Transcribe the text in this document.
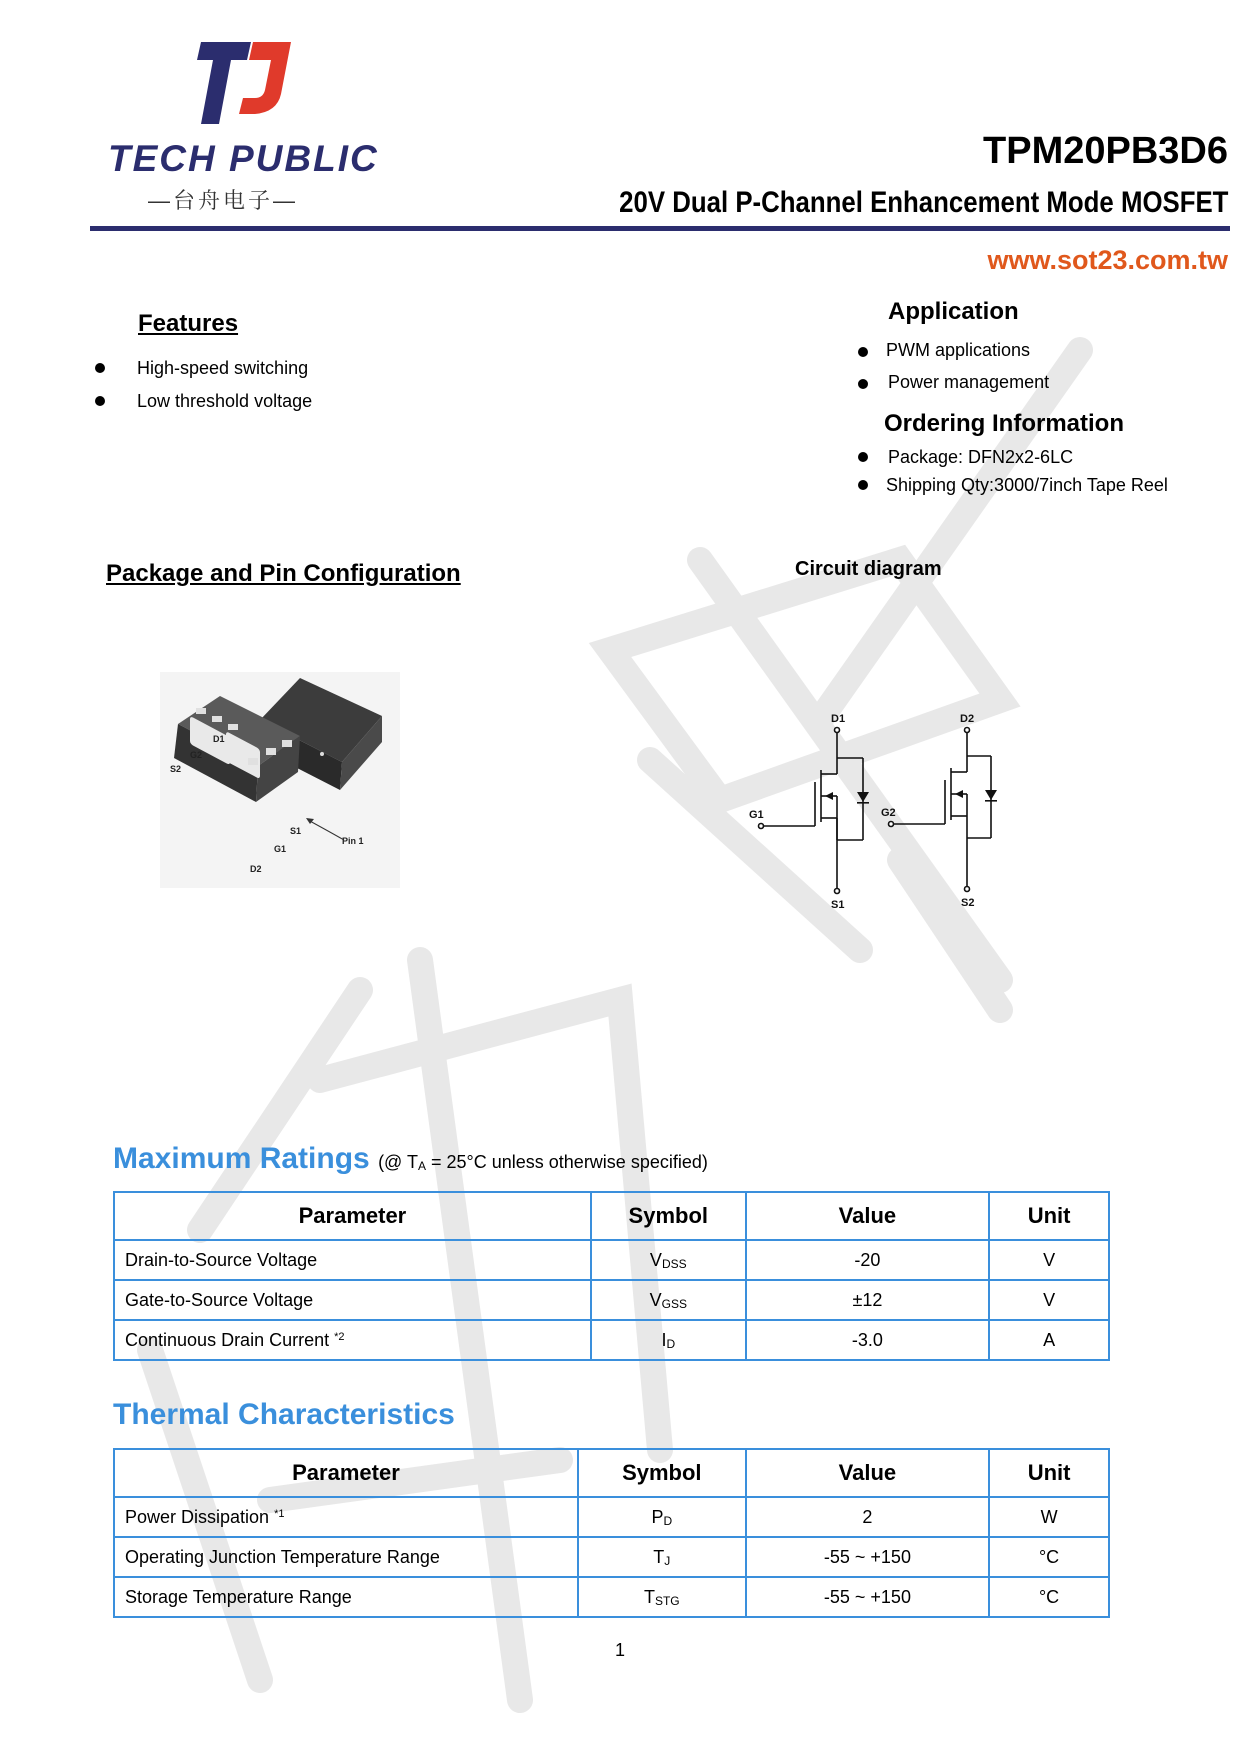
TECH PUBLIC
—台舟电子—
TPM20PB3D6
20V Dual P-Channel Enhancement Mode MOSFET
www.sot23.com.tw
Features
High-speed switching
Low threshold voltage
Application
PWM applications
Power management
Ordering Information
Package: DFN2x2-6LC
Shipping Qty:3000/7inch Tape Reel
Package and Pin Configuration
D1
G2
S2
S1
G1
D2
Pin 1
Circuit diagram
D1
G1
S1
D2
G2
S2
Maximum Ratings (@ $T_A = 25^\circ C$ unless otherwise specified)
Parameter	Symbol	Value	Unit
Drain-to-Source Voltage	$V_{DSS}$	-20	V
Gate-to-Source Voltage	$V_{GSS}$	±12	V
Continuous Drain Current $^{*2}$	$I_D$	-3.0	A
Thermal Characteristics
Parameter	Symbol	Value	Unit
Power Dissipation $^{*1}$	$P_D$	2	W
Operating Junction Temperature Range	$T_J$	-55 ~ +150	°C
Storage Temperature Range	$T_{STG}$	-55 ~ +150	°C
1
